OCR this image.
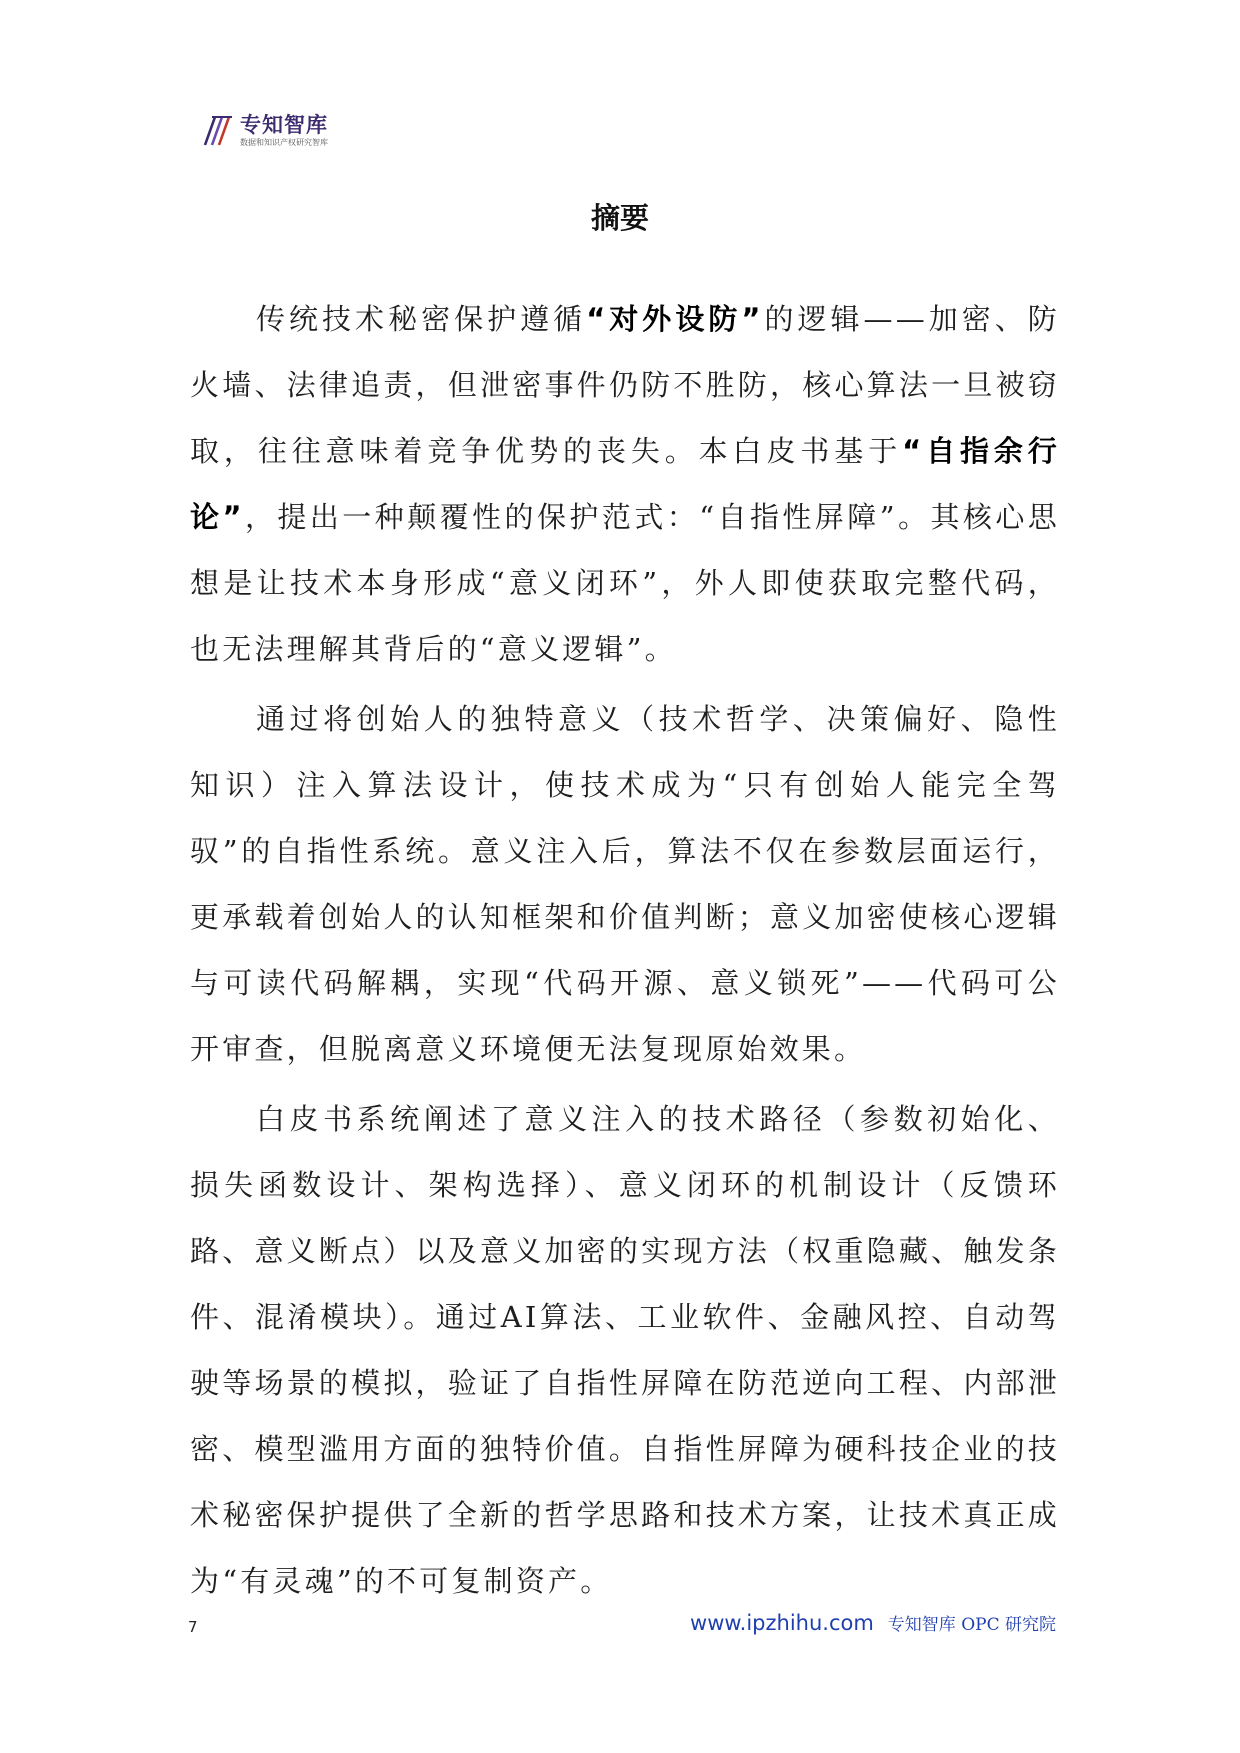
专知智库
数据和知识产权研究智库
摘要

传统技术秘密保护遵循“对外设防”的逻辑——加密、防火墙、法律追责，但泄密事件仍防不胜防，核心算法一旦被窃取，往往意味着竞争优势的丧失。本白皮书基于“自指余行论”，提出一种颠覆性的保护范式：“自指性屏障”。其核心思想是让技术本身形成“意义闭环”，外人即使获取完整代码，也无法理解其背后的“意义逻辑”。

通过将创始人的独特意义（技术哲学、决策偏好、隐性知识）注入算法设计，使技术成为“只有创始人能完全驾驭”的自指性系统。意义注入后，算法不仅在参数层面运行，更承载着创始人的认知框架和价值判断；意义加密使核心逻辑与可读代码解耦，实现“代码开源、意义锁死”——代码可公开审查，但脱离意义环境便无法复现原始效果。

白皮书系统阐述了意义注入的技术路径（参数初始化、损失函数设计、架构选择）、意义闭环的机制设计（反馈环路、意义断点）以及意义加密的实现方法（权重隐藏、触发条件、混淆模块）。通过AI算法、工业软件、金融风控、自动驾驶等场景的模拟，验证了自指性屏障在防范逆向工程、内部泄密、模型滥用方面的独特价值。自指性屏障为硬科技企业的技术秘密保护提供了全新的哲学思路和技术方案，让技术真正成为“有灵魂”的不可复制资产。

7	www.ipzhihu.com 专知智库 OPC 研究院
